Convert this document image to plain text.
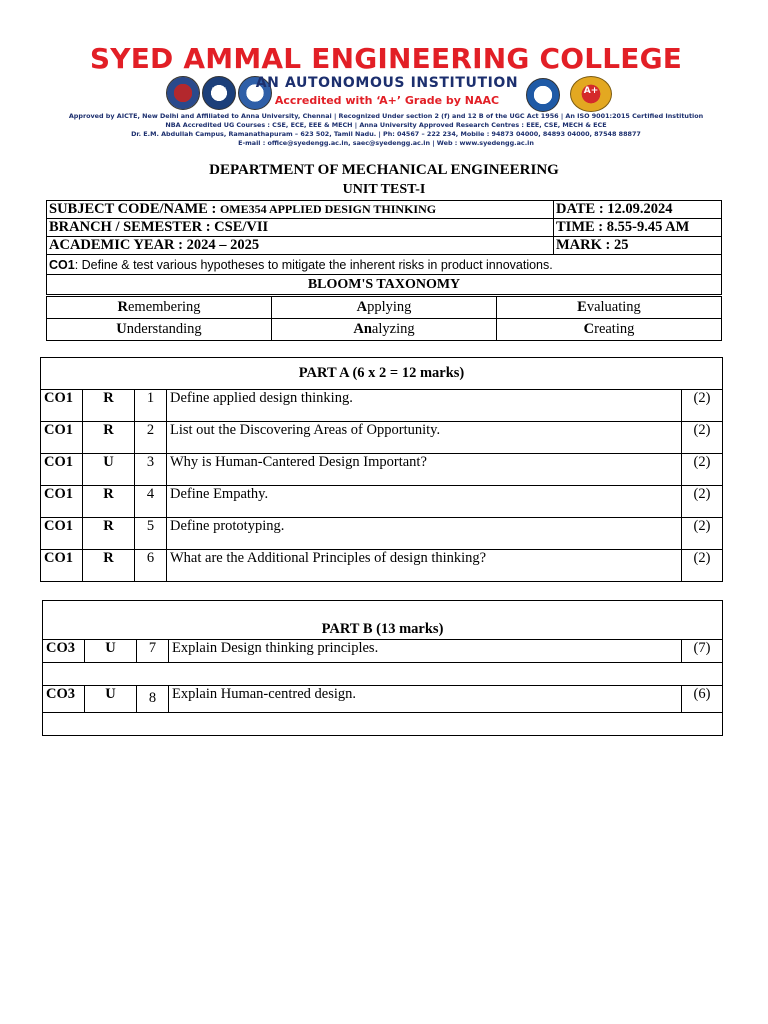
SYED AMMAL ENGINEERING COLLEGE
TÜV	AN AUTONOMOUS INSTITUTION
Accredited with ‘A+’ Grade by NAAC
A+
Approved by AICTE, New Delhi and Affiliated to Anna University, Chennai | Recognized Under section 2 (f) and 12 B of the UGC Act 1956 | An ISO 9001:2015 Certified Institution
NBA Accredited UG Courses : CSE, ECE, EEE & MECH | Anna University Approved Research Centres : EEE, CSE, MECH & ECE
Dr. E.M. Abdullah Campus, Ramanathapuram – 623 502, Tamil Nadu. | Ph: 04567 – 222 234, Mobile : 94873 04000, 84893 04000, 87548 88877
E-mail : office@syedengg.ac.in, saec@syedengg.ac.in | Web : www.syedengg.ac.in
DEPARTMENT OF MECHANICAL ENGINEERING
UNIT TEST-I
SUBJECT CODE/NAME : OME354 APPLIED DESIGN THINKING	DATE : 12.09.2024
BRANCH / SEMESTER : CSE/VII	TIME : 8.55-9.45 AM
ACADEMIC YEAR : 2024 – 2025	MARK : 25
CO1: Define & test various hypotheses to mitigate the inherent risks in product innovations.	
BLOOM'S TAXONOMY	
Remembering	Applying	Evaluating
Understanding	Analyzing	Creating
PART A (6 x 2 = 12 marks)				
CO1	R	1	Define applied design thinking.	(2)
CO1	R	2	List out the Discovering Areas of Opportunity.	(2)
CO1	U	3	Why is Human-Cantered Design Important?	(2)
CO1	R	4	Define Empathy.	(2)
CO1	R	5	Define prototyping.	(2)
CO1	R	6	What are the Additional Principles of design thinking?	(2)
PART B (13 marks)				
CO3	U	7	Explain Design thinking principles.	(7)

CO3	U	8	Explain Human-centred design.	(6)
